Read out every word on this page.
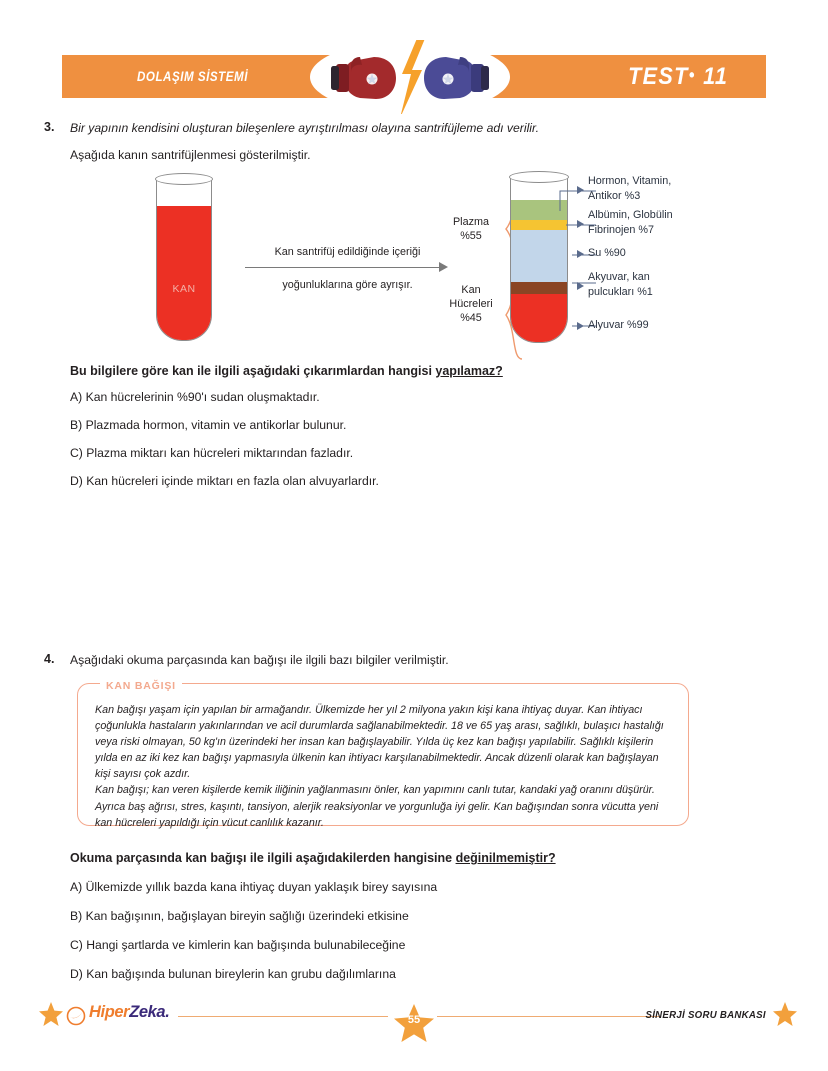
DOLAŞIM SİSTEMİ	TEST• 11
3. Bir yapının kendisini oluşturan bileşenlere ayrıştırılması olayına santrifüjleme adı verilir.
Aşağıda kanın santrifüjlenmesi gösterilmiştir.
KAN
Kan santrifüj edildiğinde içeriği
yoğunluklarına göre ayrışır.
Plazma
%55
Kan
Hücreleri
%45
Hormon, Vitamin,
Antikor %3
Albümin, Globülin
Fibrinojen %7
Su %90
Akyuvar, kan
pulcukları %1
Alyuvar %99
Bu bilgilere göre kan ile ilgili aşağıdaki çıkarımlardan hangisi yapılamaz?
A) Kan hücrelerinin %90'ı sudan oluşmaktadır.
B) Plazmada hormon, vitamin ve antikorlar bulunur.
C) Plazma miktarı kan hücreleri miktarından fazladır.
D) Kan hücreleri içinde miktarı en fazla olan alvuyarlardır.
4. Aşağıdaki okuma parçasında kan bağışı ile ilgili bazı bilgiler verilmiştir.
KAN BAĞIŞI

Kan bağışı yaşam için yapılan bir armağandır. Ülkemizde her yıl 2 milyona yakın kişi kana ihtiyaç duyar. Kan ihtiyacı çoğunlukla hastaların yakınlarından ve acil durumlarda sağlanabilmektedir. 18 ve 65 yaş arası, sağlıklı, bulaşıcı hastalığı veya riski olmayan, 50 kg'ın üzerindeki her insan kan bağışlayabilir. Yılda üç kez kan bağışı yapılabilir. Sağlıklı kişilerin yılda en az iki kez kan bağışı yapmasıyla ülkenin kan ihtiyacı karşılanabilmektedir. Ancak düzenli olarak kan bağışlayan kişi sayısı çok azdır.

Kan bağışı; kan veren kişilerde kemik iliğinin yağlanmasını önler, kan yapımını canlı tutar, kandaki yağ oranını düşürür. Ayrıca baş ağrısı, stres, kaşıntı, tansiyon, alerjik reaksiyonlar ve yorgunluğa iyi gelir. Kan bağışından sonra vücutta yeni kan hücreleri yapıldığı için vücut canlılık kazanır.

Okuma parçasında kan bağışı ile ilgili aşağıdakilerden hangisine değinilmemiştir?
A) Ülkemizde yıllık bazda kana ihtiyaç duyan yaklaşık birey sayısına
B) Kan bağışının, bağışlayan bireyin sağlığı üzerindeki etkisine
C) Hangi şartlarda ve kimlerin kan bağışında bulunabileceğine
D) Kan bağışında bulunan bireylerin kan grubu dağılımlarına
HiperZeka.	55	SİNERJİ SORU BANKASI
